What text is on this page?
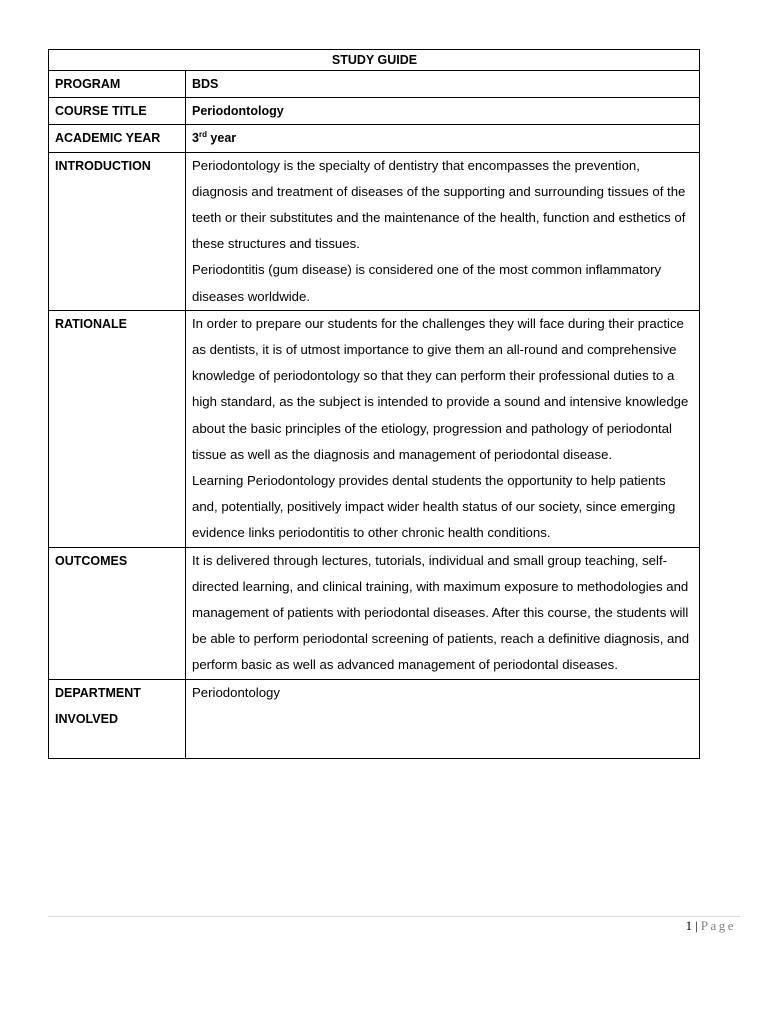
STUDY GUIDE	
PROGRAM	BDS
COURSE TITLE	Periodontology
ACADEMIC YEAR	3rd year
INTRODUCTION	Periodontology is the specialty of dentistry that encompasses the prevention, diagnosis and treatment of diseases of the supporting and surrounding tissues of the teeth or their substitutes and the maintenance of the health, function and esthetics of these structures and tissues.

Periodontitis (gum disease) is considered one of the most common inflammatory diseases worldwide.

RATIONALE	In order to prepare our students for the challenges they will face during their practice as dentists, it is of utmost importance to give them an all-round and comprehensive knowledge of periodontology so that they can perform their professional duties to a high standard, as the subject is intended to provide a sound and intensive knowledge about the basic principles of the etiology, progression and pathology of periodontal tissue as well as the diagnosis and management of periodontal disease.

Learning Periodontology provides dental students the opportunity to help patients and, potentially, positively impact wider health status of our society, since emerging evidence links periodontitis to other chronic health conditions.

OUTCOMES	It is delivered through lectures, tutorials, individual and small group teaching, self-directed learning, and clinical training, with maximum exposure to methodologies and management of patients with periodontal diseases. After this course, the students will be able to perform periodontal screening of patients, reach a definitive diagnosis, and perform basic as well as advanced management of periodontal diseases.

DEPARTMENT
INVOLVED	Periodontology
1 | Page
